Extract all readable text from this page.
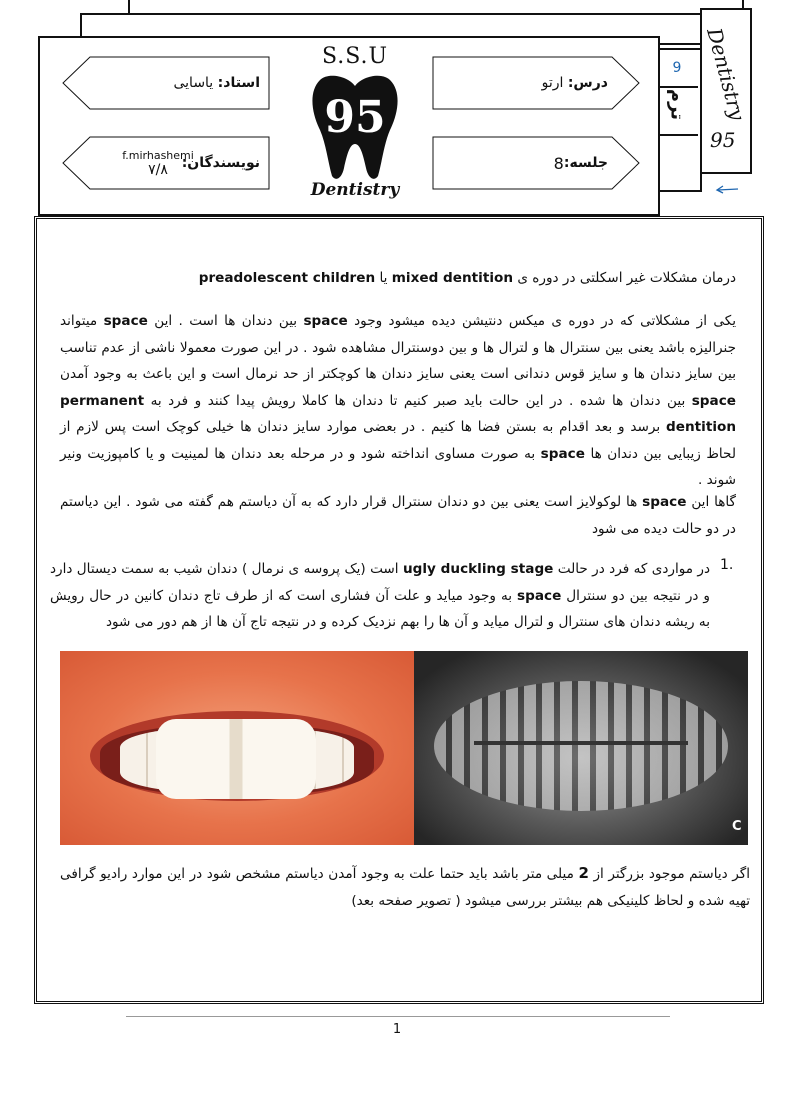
Dentistry
95
9
ترم
استاد:

یاسایی
نویسندگان:
f.mirhashemi
۷/۸
درس:

ارتو
جلسه:
8
S.S.U
95
Dentistry
درمان مشکلات غیر اسکلتی در دوره ی mixed dentition یا preadolescent children
یکی از مشکلاتی که در دوره ی میکس دنتیشن دیده میشود وجود space بین دندان ها است . این space میتواند جنرالیزه باشد یعنی بین سنترال ها و لترال ها و بین دوسنترال مشاهده شود . در این صورت معمولا ناشی از عدم تناسب بین سایز دندان ها و سایز قوس دندانی است یعنی سایز دندان ها کوچکتر از حد نرمال است و این باعث به وجود آمدن space بین دندان ها شده . در این حالت باید صبر کنیم تا دندان ها کاملا رویش پیدا کنند و فرد به permanent dentition برسد و بعد اقدام به بستن فضا ها کنیم . در بعضی موارد سایز دندان ها خیلی کوچک است پس لازم از لحاظ زیبایی بین دندان ها space به صورت مساوی انداخته شود و در مرحله بعد دندان ها لمینیت و یا کامپوزیت ونیر شوند .
گاها این space ها لوکولایز است یعنی بین دو دندان سنترال قرار دارد که به آن دیاستم هم گفته می شود . این دیاستم در دو حالت دیده می شود
1.
در مواردی که فرد در حالت ugly duckling stage است (یک پروسه ی نرمال ) دندان شیب به سمت دیستال دارد و در نتیجه بین دو سنترال space به وجود میاید و علت آن فشاری است که از طرف تاج دندان کانین در حال رویش به ریشه دندان های سنترال و لترال میاید و آن ها را بهم نزدیک کرده و در نتیجه تاج آن ها از هم دور می شود
C
اگر دیاستم موجود بزرگتر از 2 میلی متر باشد باید حتما علت به وجود آمدن دیاستم مشخص شود در این موارد رادیو گرافی تهیه شده و لحاظ کلینیکی هم بیشتر بررسی میشود ( تصویر صفحه بعد)
1
